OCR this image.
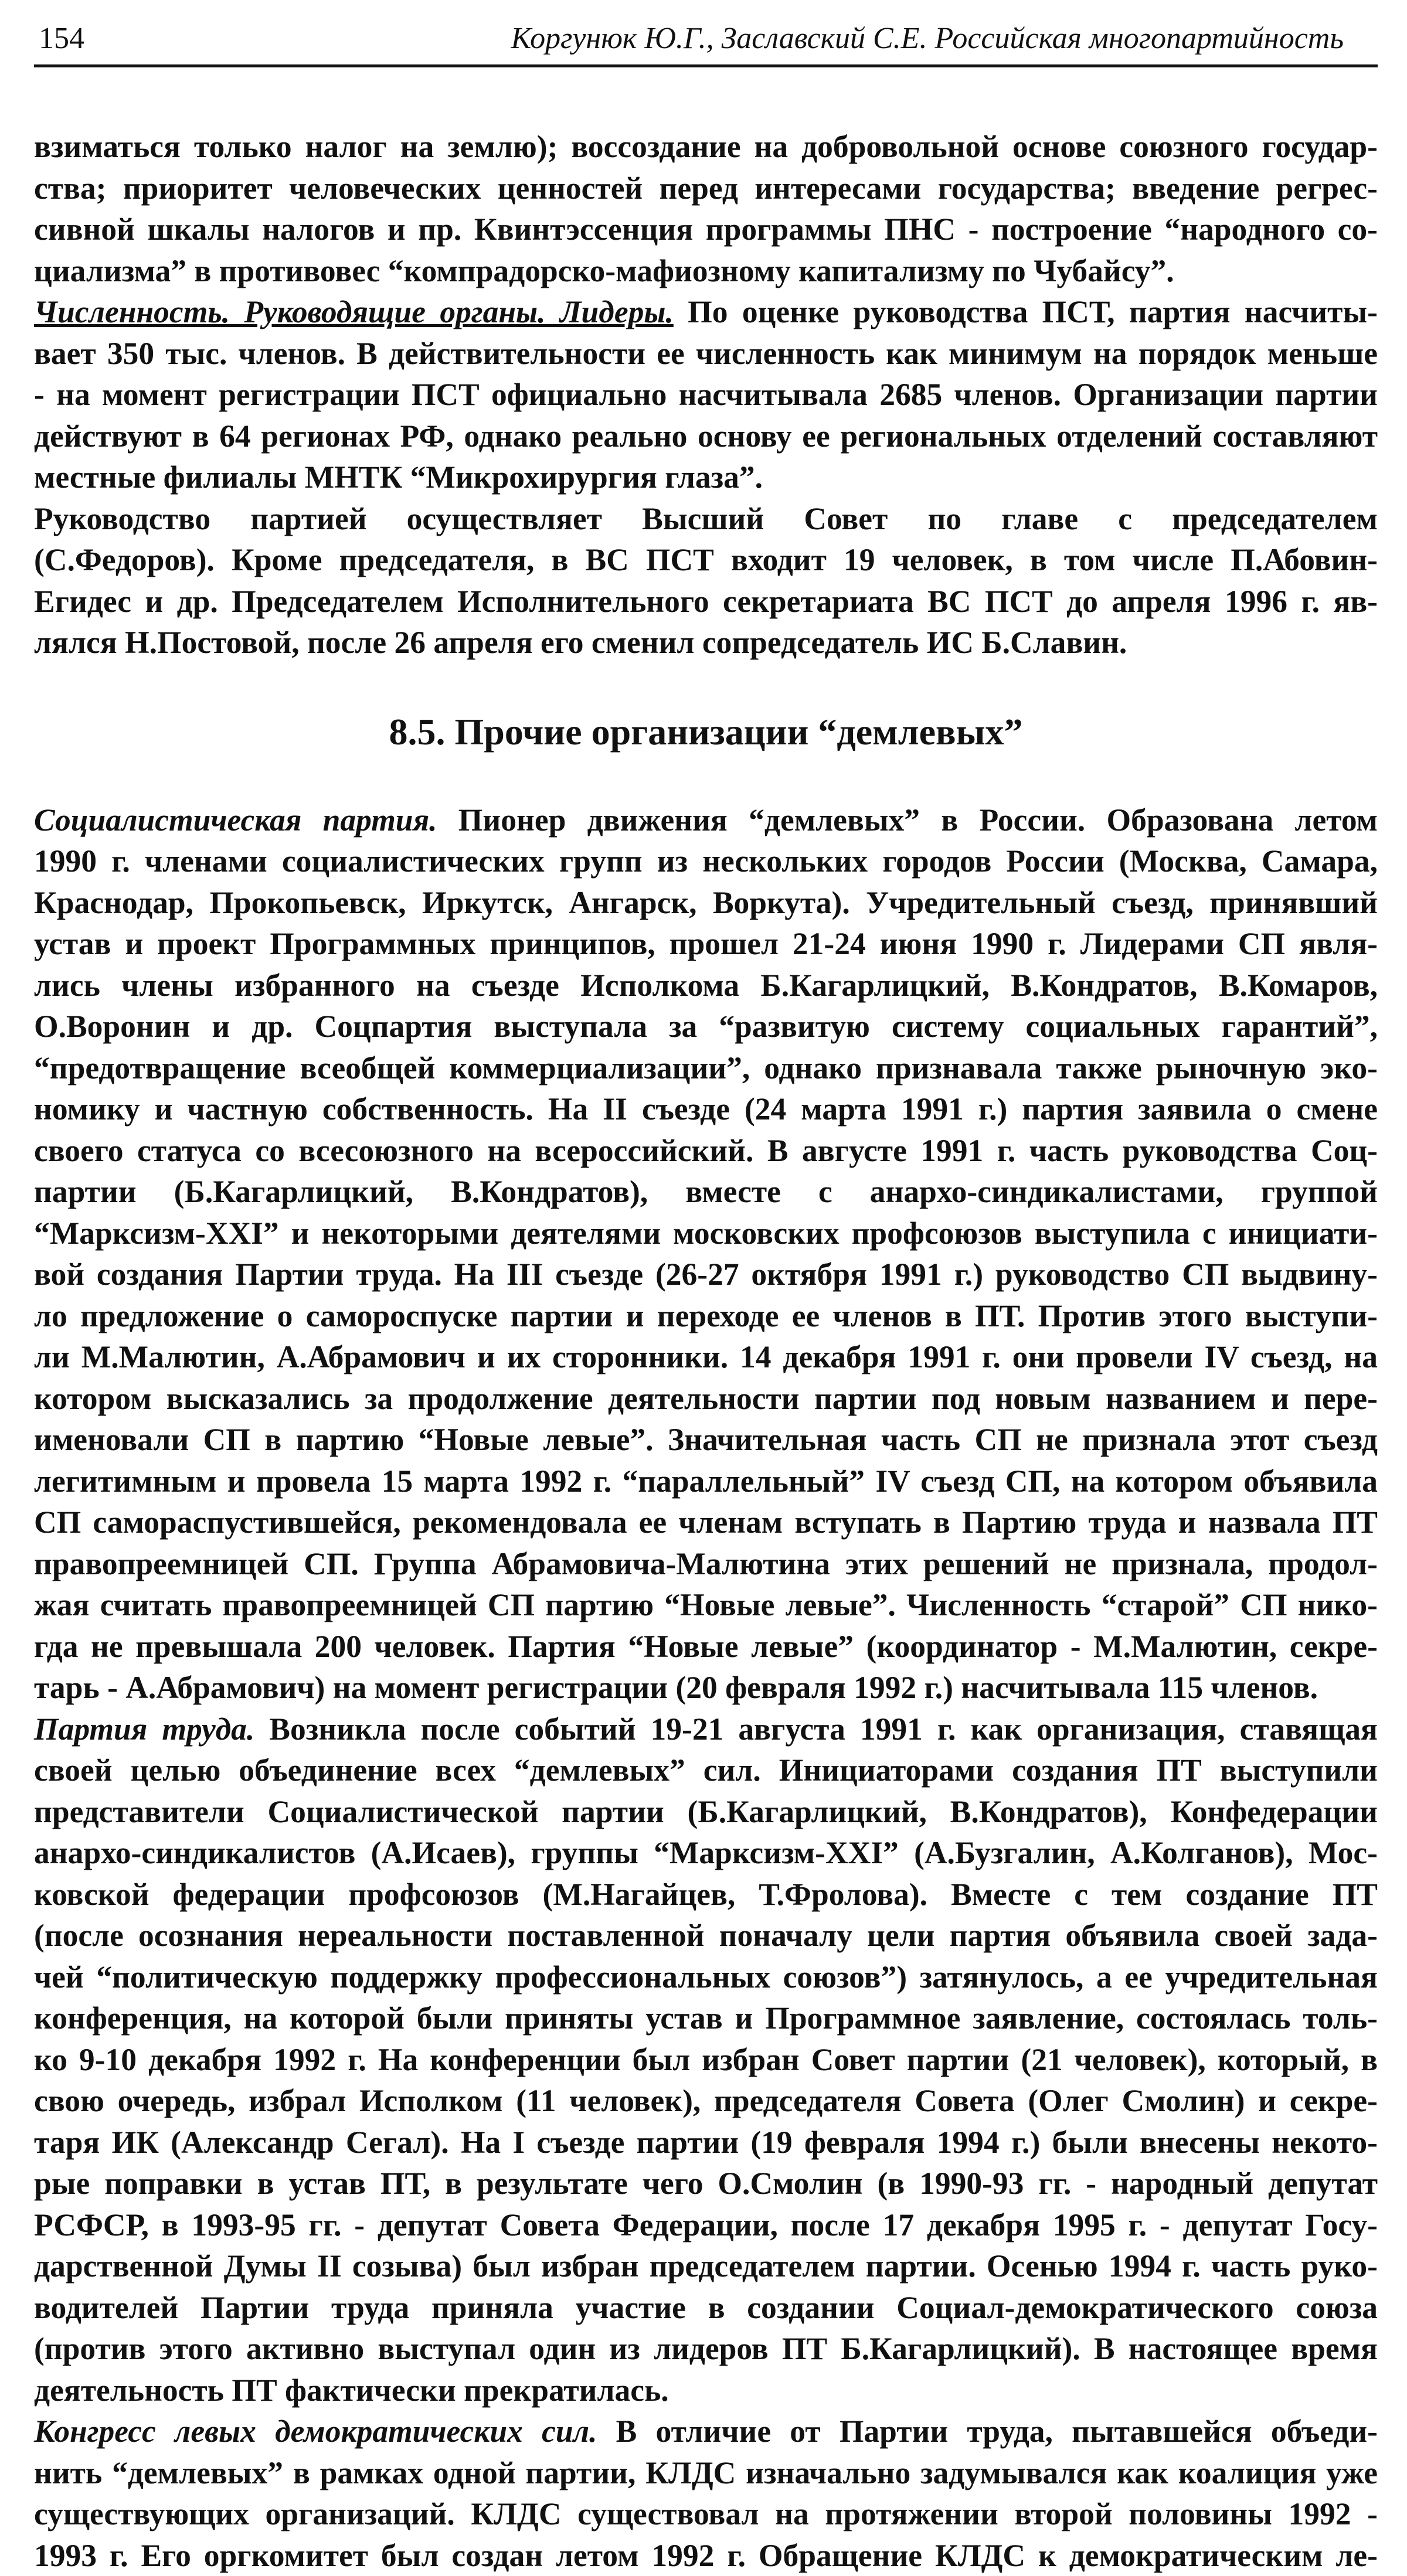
154	Коргунюк Ю.Г., Заславский С.Е. Российская многопартийность

взиматься только налог на землю); воссоздание на добровольной основе союзного государ-

ства; приоритет человеческих ценностей перед интересами государства; введение регрес-

сивной шкалы налогов и пр. Квинтэссенция программы ПНС - построение “народного со-

циализма” в противовес “компрадорско-мафиозному капитализму по Чубайсу”.

Численность. Руководящие органы. Лидеры. По оценке руководства ПСТ, партия насчиты-

вает 350 тыс. членов. В действительности ее численность как минимум на порядок меньше

- на момент регистрации ПСТ официально насчитывала 2685 членов. Организации партии

действуют в 64 регионах РФ, однако реально основу ее региональных отделений составляют

местные филиалы МНТК “Микрохирургия глаза”.

Руководство партией осуществляет Высший Совет по главе с председателем

(С.Федоров). Кроме председателя, в ВС ПСТ входит 19 человек, в том числе П.Абовин-

Егидес и др. Председателем Исполнительного секретариата ВС ПСТ до апреля 1996 г. яв-

лялся Н.Постовой, после 26 апреля его сменил сопредседатель ИС Б.Славин.

8.5. Прочие организации “демлевых”

Социалистическая партия. Пионер движения “демлевых” в России. Образована летом

1990 г. членами социалистических групп из нескольких городов России (Москва, Самара,

Краснодар, Прокопьевск, Иркутск, Ангарск, Воркута). Учредительный съезд, принявший

устав и проект Программных принципов, прошел 21-24 июня 1990 г. Лидерами СП явля-

лись члены избранного на съезде Исполкома Б.Кагарлицкий, В.Кондратов, В.Комаров,

О.Воронин и др. Соцпартия выступала за “развитую систему социальных гарантий”,

“предотвращение всеобщей коммерциализации”, однако признавала также рыночную эко-

номику и частную собственность. На II съезде (24 марта 1991 г.) партия заявила о смене

своего статуса со всесоюзного на всероссийский. В августе 1991 г. часть руководства Соц-

партии (Б.Кагарлицкий, В.Кондратов), вместе с анархо-синдикалистами, группой

“Марксизм-XXI” и некоторыми деятелями московских профсоюзов выступила с инициати-

вой создания Партии труда. На III съезде (26-27 октября 1991 г.) руководство СП выдвину-

ло предложение о самороспуске партии и переходе ее членов в ПТ. Против этого выступи-

ли М.Малютин, А.Абрамович и их сторонники. 14 декабря 1991 г. они провели IV съезд, на

котором высказались за продолжение деятельности партии под новым названием и пере-

именовали СП в партию “Новые левые”. Значительная часть СП не признала этот съезд

легитимным и провела 15 марта 1992 г. “параллельный” IV съезд СП, на котором объявила

СП самораспустившейся, рекомендовала ее членам вступать в Партию труда и назвала ПТ

правопреемницей СП. Группа Абрамовича-Малютина этих решений не признала, продол-

жая считать правопреемницей СП партию “Новые левые”. Численность “старой” СП нико-

гда не превышала 200 человек. Партия “Новые левые” (координатор - М.Малютин, секре-

тарь - А.Абрамович) на момент регистрации (20 февраля 1992 г.) насчитывала 115 членов.

Партия труда. Возникла после событий 19-21 августа 1991 г. как организация, ставящая

своей целью объединение всех “демлевых” сил. Инициаторами создания ПТ выступили

представители Социалистической партии (Б.Кагарлицкий, В.Кондратов), Конфедерации

анархо-синдикалистов (А.Исаев), группы “Марксизм-XXI” (А.Бузгалин, А.Колганов), Мос-

ковской федерации профсоюзов (М.Нагайцев, Т.Фролова). Вместе с тем создание ПТ

(после осознания нереальности поставленной поначалу цели партия объявила своей зада-

чей “политическую поддержку профессиональных союзов”) затянулось, а ее учредительная

конференция, на которой были приняты устав и Программное заявление, состоялась толь-

ко 9-10 декабря 1992 г. На конференции был избран Совет партии (21 человек), который, в

свою очередь, избрал Исполком (11 человек), председателя Совета (Олег Смолин) и секре-

таря ИК (Александр Сегал). На I съезде партии (19 февраля 1994 г.) были внесены некото-

рые поправки в устав ПТ, в результате чего О.Смолин (в 1990-93 гг. - народный депутат

РСФСР, в 1993-95 гг. - депутат Совета Федерации, после 17 декабря 1995 г. - депутат Госу-

дарственной Думы II созыва) был избран председателем партии. Осенью 1994 г. часть руко-

водителей Партии труда приняла участие в создании Социал-демократического союза

(против этого активно выступал один из лидеров ПТ Б.Кагарлицкий). В настоящее время

деятельность ПТ фактически прекратилась.

Конгресс левых демократических сил. В отличие от Партии труда, пытавшейся объеди-

нить “демлевых” в рамках одной партии, КЛДС изначально задумывался как коалиция уже

существующих организаций. КЛДС существовал на протяжении второй половины 1992 -

1993 г. Его оргкомитет был создан летом 1992 г. Обращение КЛДС к демократическим ле-
